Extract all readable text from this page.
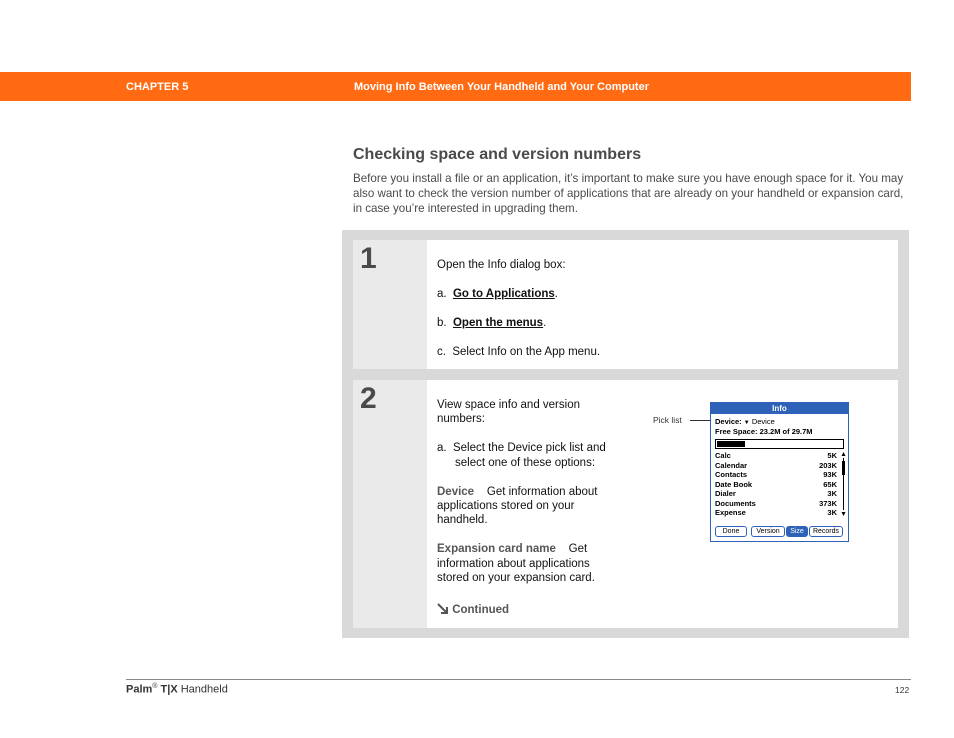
CHAPTER 5	Moving Info Between Your Handheld and Your Computer
Checking space and version numbers
Before you install a file or an application, it’s important to make sure you have enough space for it. You may also want to check the version number of applications that are already on your handheld or expansion card, in case you’re interested in upgrading them.
1	Open the Info dialog box:
a. Go to Applications.
b. Open the menus.
c. Select Info on the App menu.
2	View space info and version
numbers:
a. Select the Device pick list and
select one of these options:
Device Get information about
applications stored on your
handheld.
Expansion card name Get
information about applications
stored on your expansion card.
Continued
Pick list
Info
Device: ▼ Device
Free Space: 23.2M of 29.7M
Calc	5K
Calendar	203K
Contacts	93K
Date Book	65K
Dialer	3K
Documents	373K
Expense	3K
Done	Version	Size	Records
Palm® T|X Handheld	122
